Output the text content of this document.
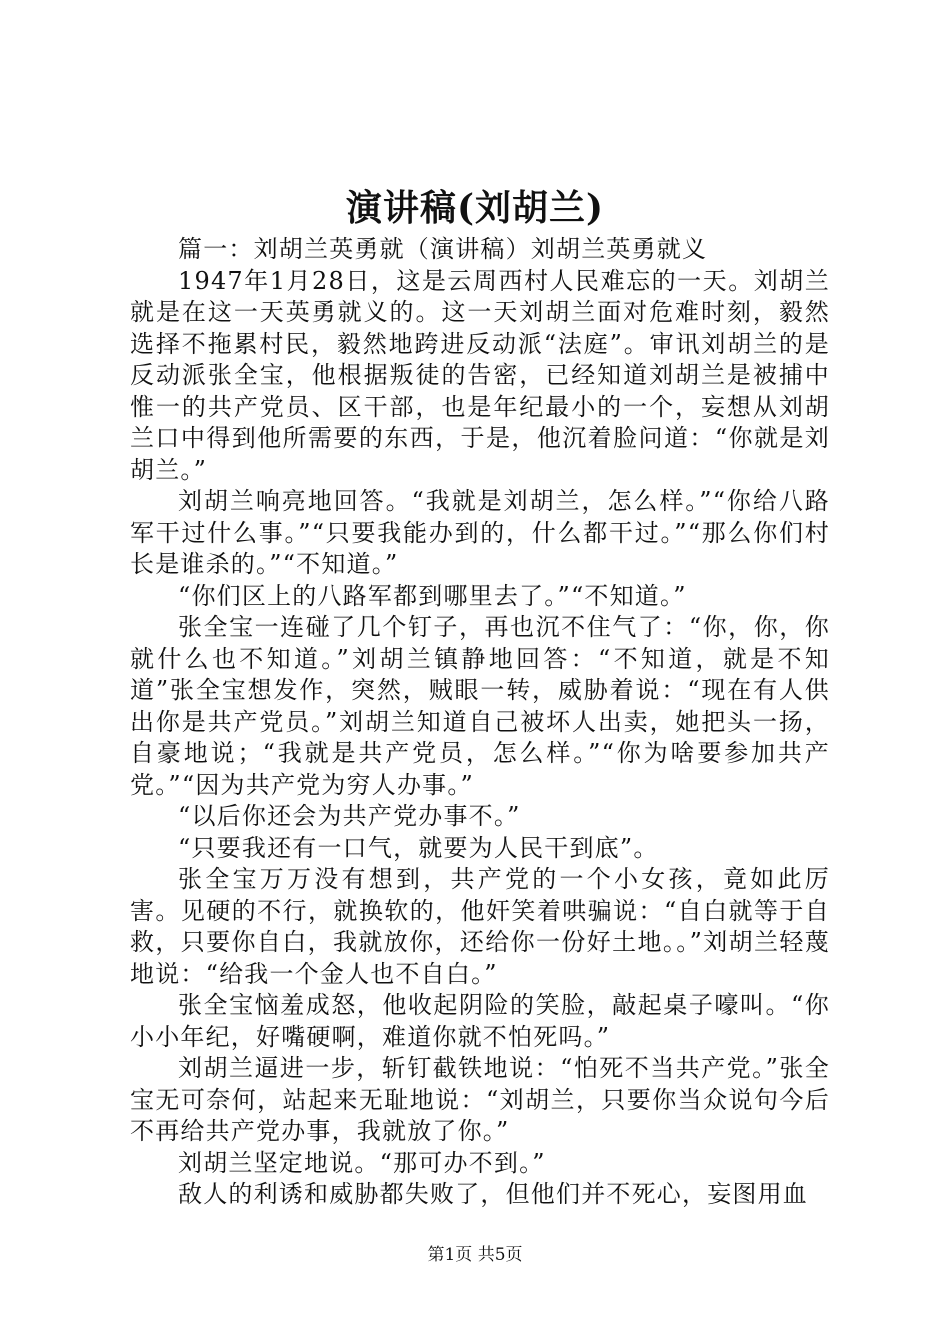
演讲稿(刘胡兰)

篇一：刘胡兰英勇就（演讲稿）刘胡兰英勇就义

1947年1月28日，这是云周西村人民难忘的一天。刘胡兰就是在这一天英勇就义的。这一天刘胡兰面对危难时刻，毅然选择不拖累村民，毅然地跨进反动派“法庭”。审讯刘胡兰的是反动派张全宝，他根据叛徒的告密，已经知道刘胡兰是被捕中惟一的共产党员、区干部，也是年纪最小的一个，妄想从刘胡兰口中得到他所需要的东西，于是，他沉着脸问道：“你就是刘胡兰。”

刘胡兰响亮地回答。“我就是刘胡兰，怎么样。”“你给八路军干过什么事。”“只要我能办到的，什么都干过。”“那么你们村长是谁杀的。”“不知道。”

“你们区上的八路军都到哪里去了。”“不知道。”

张全宝一连碰了几个钉子，再也沉不住气了：“你，你，你就什么也不知道。”刘胡兰镇静地回答：“不知道，就是不知道”张全宝想发作，突然，贼眼一转，威胁着说：“现在有人供出你是共产党员。”刘胡兰知道自己被坏人出卖，她把头一扬，自豪地说；“我就是共产党员，怎么样。”“你为啥要参加共产党。”“因为共产党为穷人办事。”

“以后你还会为共产党办事不。”

“只要我还有一口气，就要为人民干到底”。

张全宝万万没有想到，共产党的一个小女孩，竟如此厉害。见硬的不行，就换软的，他奸笑着哄骗说：“自白就等于自救，只要你自白，我就放你，还给你一份好土地。。”刘胡兰轻蔑地说：“给我一个金人也不自白。”

张全宝恼羞成怒，他收起阴险的笑脸，敲起桌子嚎叫。“你小小年纪，好嘴硬啊，难道你就不怕死吗。”

刘胡兰逼进一步，斩钉截铁地说：“怕死不当共产党。”张全宝无可奈何，站起来无耻地说：“刘胡兰，只要你当众说句今后不再给共产党办事，我就放了你。”

刘胡兰坚定地说。“那可办不到。”

敌人的利诱和威胁都失败了，但他们并不死心，妄图用血

第1页 共5页
